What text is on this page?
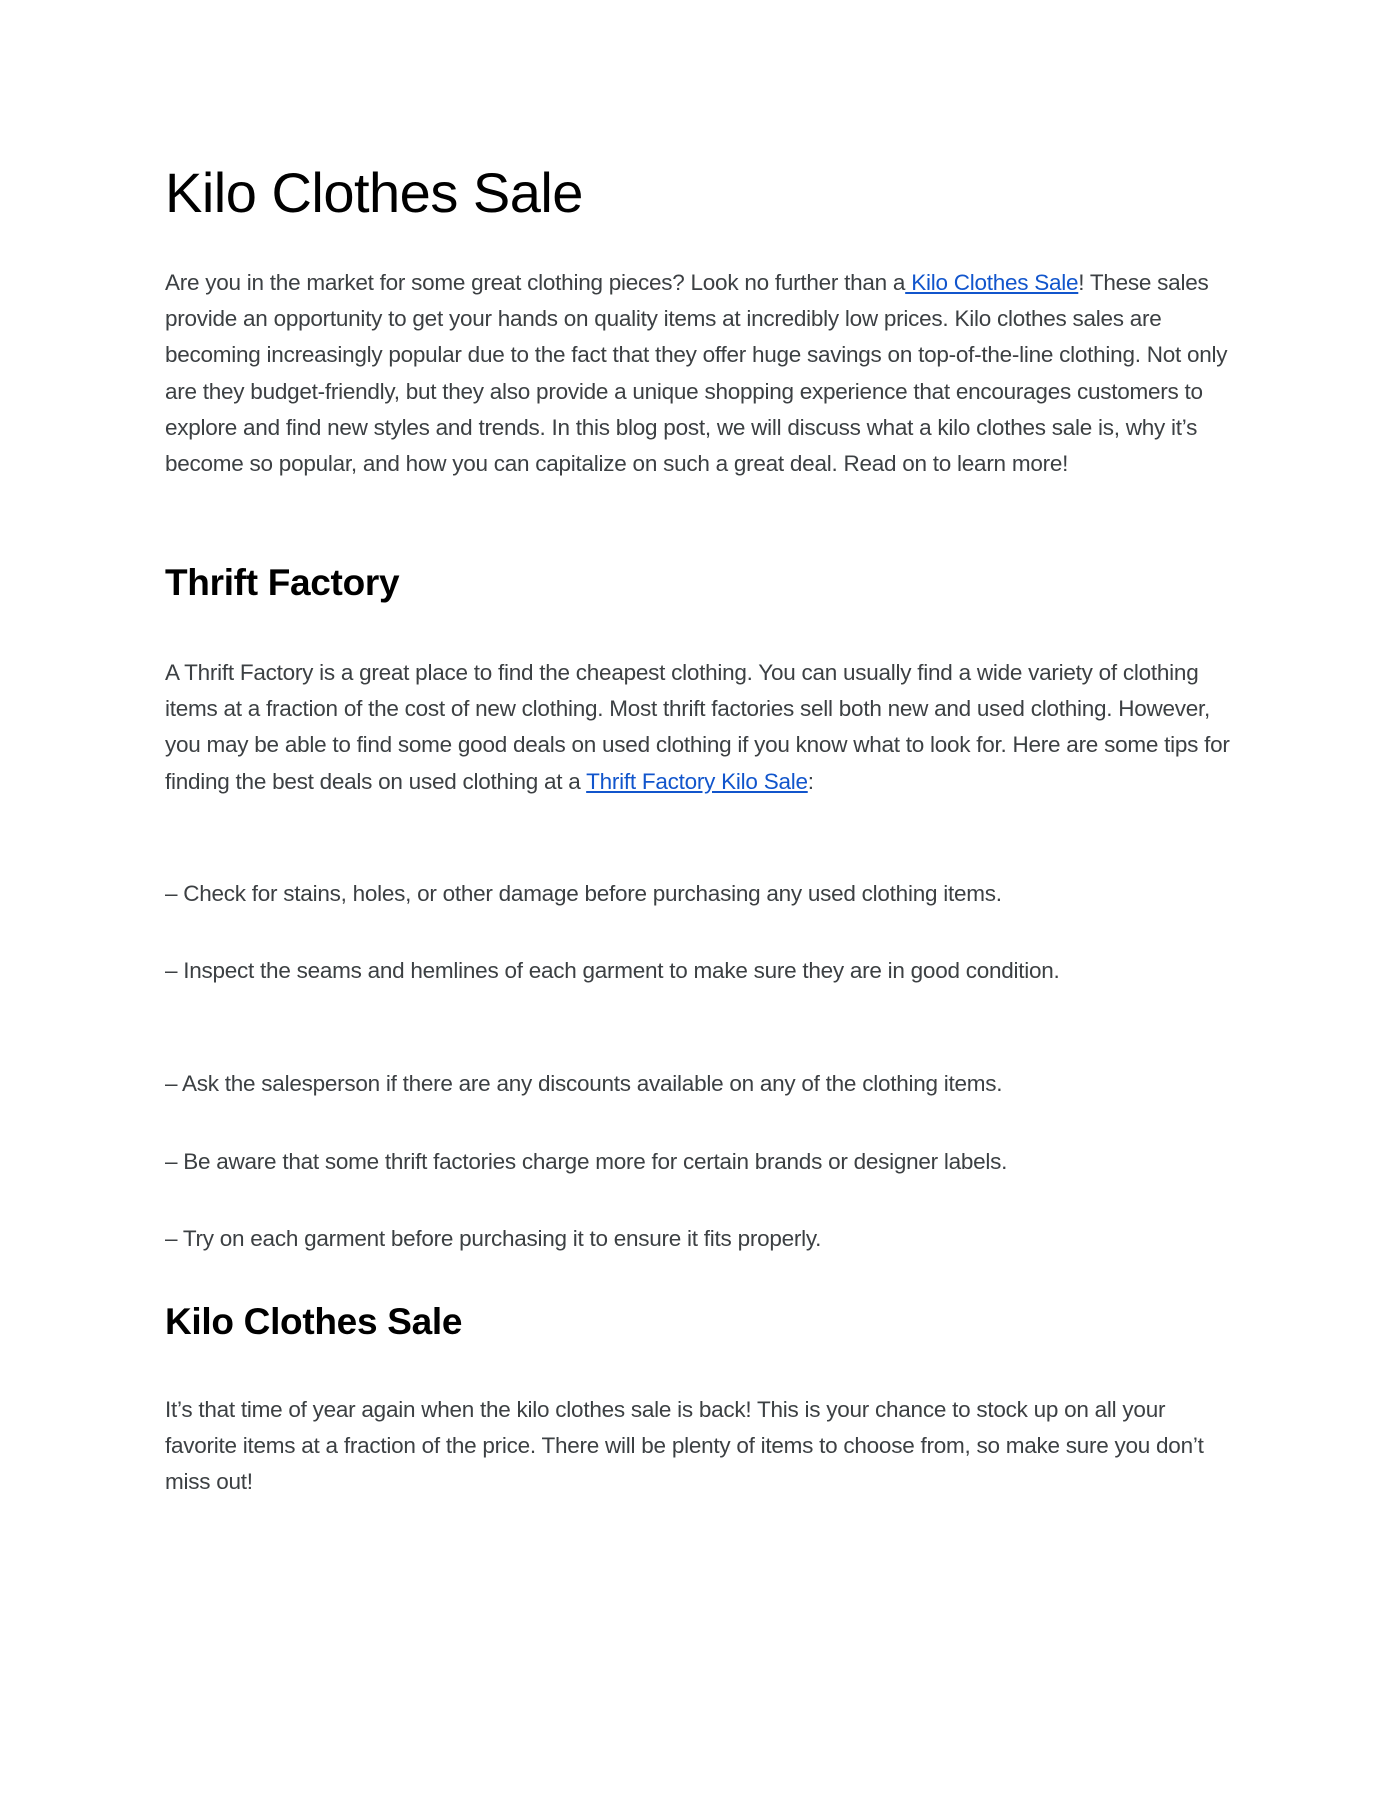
Kilo Clothes Sale

Are you in the market for some great clothing pieces? Look no further than a Kilo Clothes Sale! These sales provide an opportunity to get your hands on quality items at incredibly low prices. Kilo clothes sales are becoming increasingly popular due to the fact that they offer huge savings on top-of-the-line clothing. Not only are they budget-friendly, but they also provide a unique shopping experience that encourages customers to explore and find new styles and trends. In this blog post, we will discuss what a kilo clothes sale is, why it’s become so popular, and how you can capitalize on such a great deal. Read on to learn more!

Thrift Factory

A Thrift Factory is a great place to find the cheapest clothing. You can usually find a wide variety of clothing items at a fraction of the cost of new clothing. Most thrift factories sell both new and used clothing. However, you may be able to find some good deals on used clothing if you know what to look for. Here are some tips for finding the best deals on used clothing at a Thrift Factory Kilo Sale:

– Check for stains, holes, or other damage before purchasing any used clothing items.

– Inspect the seams and hemlines of each garment to make sure they are in good condition.

– Ask the salesperson if there are any discounts available on any of the clothing items.

– Be aware that some thrift factories charge more for certain brands or designer labels.

– Try on each garment before purchasing it to ensure it fits properly.

Kilo Clothes Sale

It’s that time of year again when the kilo clothes sale is back! This is your chance to stock up on all your favorite items at a fraction of the price. There will be plenty of items to choose from, so make sure you don’t miss out!
